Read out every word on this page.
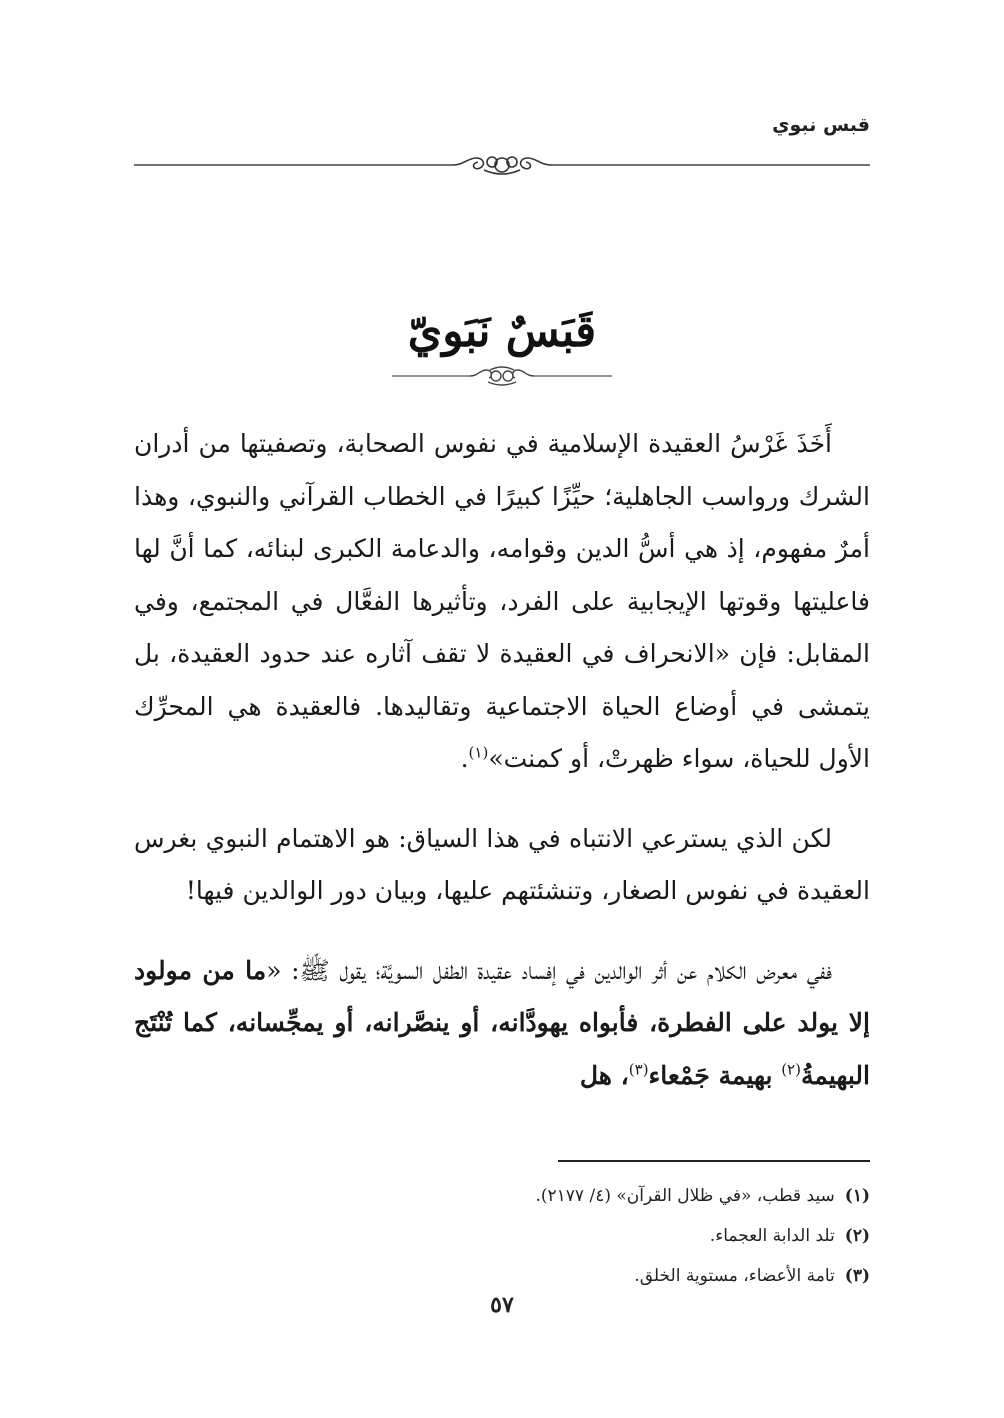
قبس نبوي
قَبَسٌ نَبَويّ

أَخَذَ غَرْسُ العقيدة الإسلامية في نفوس الصحابة، وتصفيتها من أدران الشرك ورواسب الجاهلية؛ حيِّزًا كبيرًا في الخطاب القرآني والنبوي، وهذا أمرٌ مفهوم، إذ هي أسُّ الدين وقوامه، والدعامة الكبرى لبنائه، كما أنَّ لها فاعليتها وقوتها الإيجابية على الفرد، وتأثيرها الفعَّال في المجتمع، وفي المقابل: فإن «الانحراف في العقيدة لا تقف آثاره عند حدود العقيدة، بل يتمشى في أوضاع الحياة الاجتماعية وتقاليدها. فالعقيدة هي المحرِّك الأول للحياة، سواء ظهرتْ، أو كمنت»$^{(١)}$.

لكن الذي يسترعي الانتباه في هذا السياق: هو الاهتمام النبوي بغرس العقيدة في نفوس الصغار، وتنشئتهم عليها، وبيان دور الوالدين فيها!

ففي معرض الكلام عن أثر الوالدين في إفساد عقيدة الطفل السويَّة؛ يقول ﷺ: «ما من مولود إلا يولد على الفطرة، فأبواه يهودَّانه، أو ينصَّرانه، أو يمجِّسانه، كما تُنْتَج البهيمةُ$^{(٢)}$ بهيمة جَمْعاء$^{(٣)}$، هل

(١)سيد قطب، «في ظلال القرآن» (٤/ ٢١٧٧).
(٢)تلد الدابة العجماء.
(٣)تامة الأعضاء، مستوية الخلق.
٥٧
